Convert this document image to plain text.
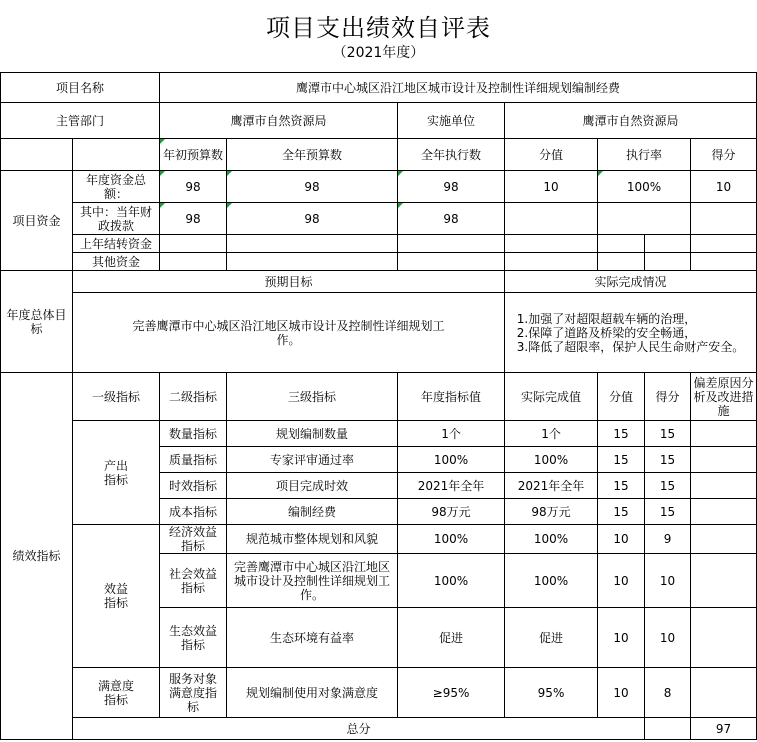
项目支出绩效自评表
（2021年度）
项目名称		鹰潭市中心城区沿江地区城市设计及控制性详细规划编制经费							
主管部门		鹰潭市自然资源局		实施单位	鹰潭市自然资源局				
		年初预算数	全年预算数	全年执行数	分值	执行率		得分	
项目资金	年度资金总额：	98	98	98	10	100%		10	
	其中：当年财政拨款	98	98	98					
	上年结转资金								
	其他资金								
年度总体目标	预期目标				实际完成情况				
	完善鹰潭市中心城区沿江地区城市设计及控制性详细规划工作。				1.加强了对超限超载车辆的治理，
2.保障了道路及桥梁的安全畅通，
3.降低了超限率，保护人民生命财产安全。				

绩效指标	一级指标	二级指标	三级指标	年度指标值	实际完成值	分值	得分	偏差原因分析及改进措施	
	产出指标	数量指标	规划编制数量	1个	1个	15	15		
		质量指标	专家评审通过率	100%	100%	15	15		
		时效指标	项目完成时效	2021年全年	2021年全年	15	15		
		成本指标	编制经费	98万元	98万元	15	15		
	效益指标	经济效益指标	规范城市整体规划和风貌	100%	100%	10	9		
		社会效益指标	完善鹰潭市中心城区沿江地区城市设计及控制性详细规划工作。	100%	100%	10	10		
		生态效益指标	生态环境有益率	促进	促进	10	10		
	满意度指标	服务对象满意度指标	规划编制使用对象满意度	≥95%	95%	10	8		
	总分							97	
